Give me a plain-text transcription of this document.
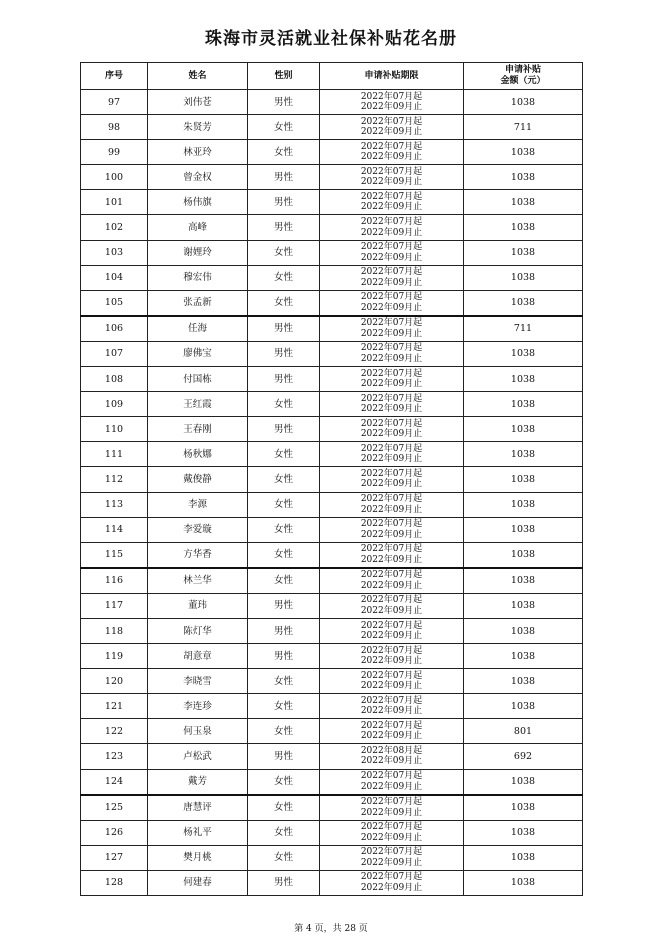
珠海市灵活就业社保补贴花名册
序号	姓名	性别	申请补贴期限	申请补贴
金额（元）

97	刘伟苍	男性	2022年07月起
2022年09月止	1038
98	朱贤芳	女性	2022年07月起
2022年09月止	711
99	林亚玲	女性	2022年07月起
2022年09月止	1038
100	曾金权	男性	2022年07月起
2022年09月止	1038
101	杨伟旗	男性	2022年07月起
2022年09月止	1038
102	高峰	男性	2022年07月起
2022年09月止	1038
103	谢娌玲	女性	2022年07月起
2022年09月止	1038
104	穆宏伟	女性	2022年07月起
2022年09月止	1038
105	张孟新	女性	2022年07月起
2022年09月止	1038
106	任海	男性	2022年07月起
2022年09月止	711
107	廖佛宝	男性	2022年07月起
2022年09月止	1038
108	付国栋	男性	2022年07月起
2022年09月止	1038
109	王红霞	女性	2022年07月起
2022年09月止	1038
110	王春刚	男性	2022年07月起
2022年09月止	1038
111	杨秋娜	女性	2022年07月起
2022年09月止	1038
112	戴俊静	女性	2022年07月起
2022年09月止	1038
113	李源	女性	2022年07月起
2022年09月止	1038
114	李爱璇	女性	2022年07月起
2022年09月止	1038
115	方华香	女性	2022年07月起
2022年09月止	1038
116	林兰华	女性	2022年07月起
2022年09月止	1038
117	董玮	男性	2022年07月起
2022年09月止	1038
118	陈灯华	男性	2022年07月起
2022年09月止	1038
119	胡意章	男性	2022年07月起
2022年09月止	1038
120	李晓雪	女性	2022年07月起
2022年09月止	1038
121	李连珍	女性	2022年07月起
2022年09月止	1038
122	何玉泉	女性	2022年07月起
2022年09月止	801
123	卢松武	男性	2022年08月起
2022年09月止	692
124	戴芳	女性	2022年07月起
2022年09月止	1038
125	唐慧评	女性	2022年07月起
2022年09月止	1038
126	杨礼平	女性	2022年07月起
2022年09月止	1038
127	樊月桃	女性	2022年07月起
2022年09月止	1038
128	何建春	男性	2022年07月起
2022年09月止	1038
第 4 页，共 28 页
